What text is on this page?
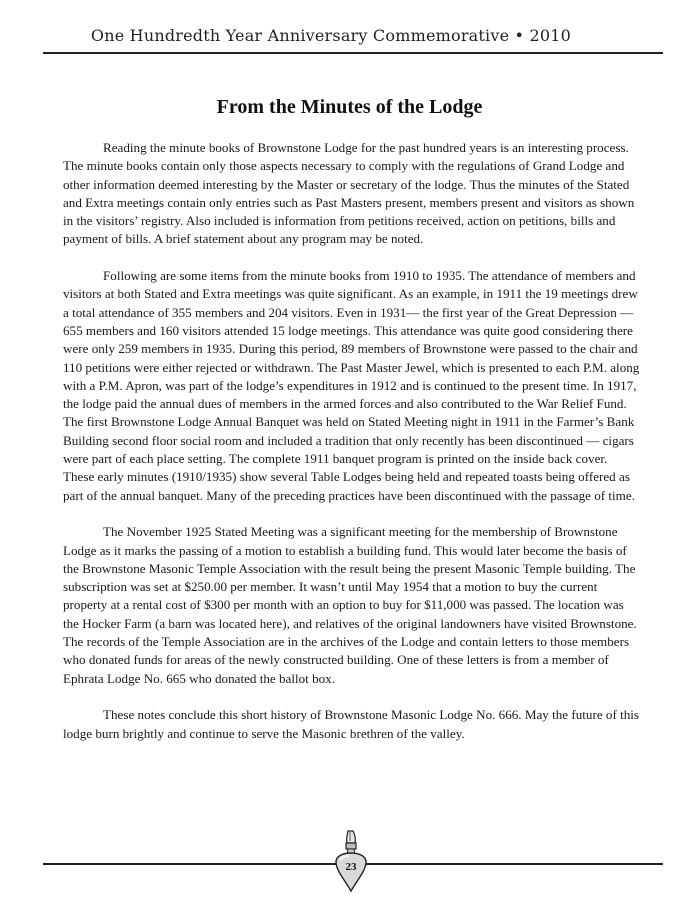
One Hundredth Year Anniversary Commemorative • 2010
From the Minutes of the Lodge

Reading the minute books of Brownstone Lodge for the past hundred years is an interesting process. The minute books contain only those aspects necessary to comply with the regulations of Grand Lodge and other information deemed interesting by the Master or secretary of the lodge. Thus the minutes of the Stated and Extra meetings contain only entries such as Past Masters present, members present and visitors as shown in the visitors’ registry. Also included is information from petitions received, action on petitions, bills and payment of bills. A brief statement about any program may be noted.

Following are some items from the minute books from 1910 to 1935. The attendance of members and visitors at both Stated and Extra meetings was quite significant. As an example, in 1911 the 19 meetings drew a total attendance of 355 members and 204 visitors. Even in 1931— the first year of the Great Depression — 655 members and 160 visitors attended 15 lodge meetings. This attendance was quite good considering there were only 259 members in 1935. During this period, 89 members of Brownstone were passed to the chair and 110 petitions were either rejected or withdrawn. The Past Master Jewel, which is presented to each P.M. along with a P.M. Apron, was part of the lodge’s expenditures in 1912 and is continued to the present time. In 1917, the lodge paid the annual dues of members in the armed forces and also contributed to the War Relief Fund. The first Brownstone Lodge Annual Banquet was held on Stated Meeting night in 1911 in the Farmer’s Bank Building second floor social room and included a tradition that only recently has been discontinued — cigars were part of each place setting. The complete 1911 banquet program is printed on the inside back cover. These early minutes (1910/1935) show several Table Lodges being held and repeated toasts being offered as part of the annual banquet. Many of the preceding practices have been discontinued with the passage of time.

The November 1925 Stated Meeting was a significant meeting for the membership of Brownstone Lodge as it marks the passing of a motion to establish a building fund. This would later become the basis of the Brownstone Masonic Temple Association with the result being the present Masonic Temple building. The subscription was set at $250.00 per member. It wasn’t until May 1954 that a motion to buy the current property at a rental cost of $300 per month with an option to buy for $11,000 was passed. The location was the Hocker Farm (a barn was located here), and relatives of the original landowners have visited Brownstone. The records of the Temple Association are in the archives of the Lodge and contain letters to those members who donated funds for areas of the newly constructed building. One of these letters is from a member of Ephrata Lodge No. 665 who donated the ballot box.

These notes conclude this short history of Brownstone Masonic Lodge No. 666. May the future of this lodge burn brightly and continue to serve the Masonic brethren of the valley.

23
